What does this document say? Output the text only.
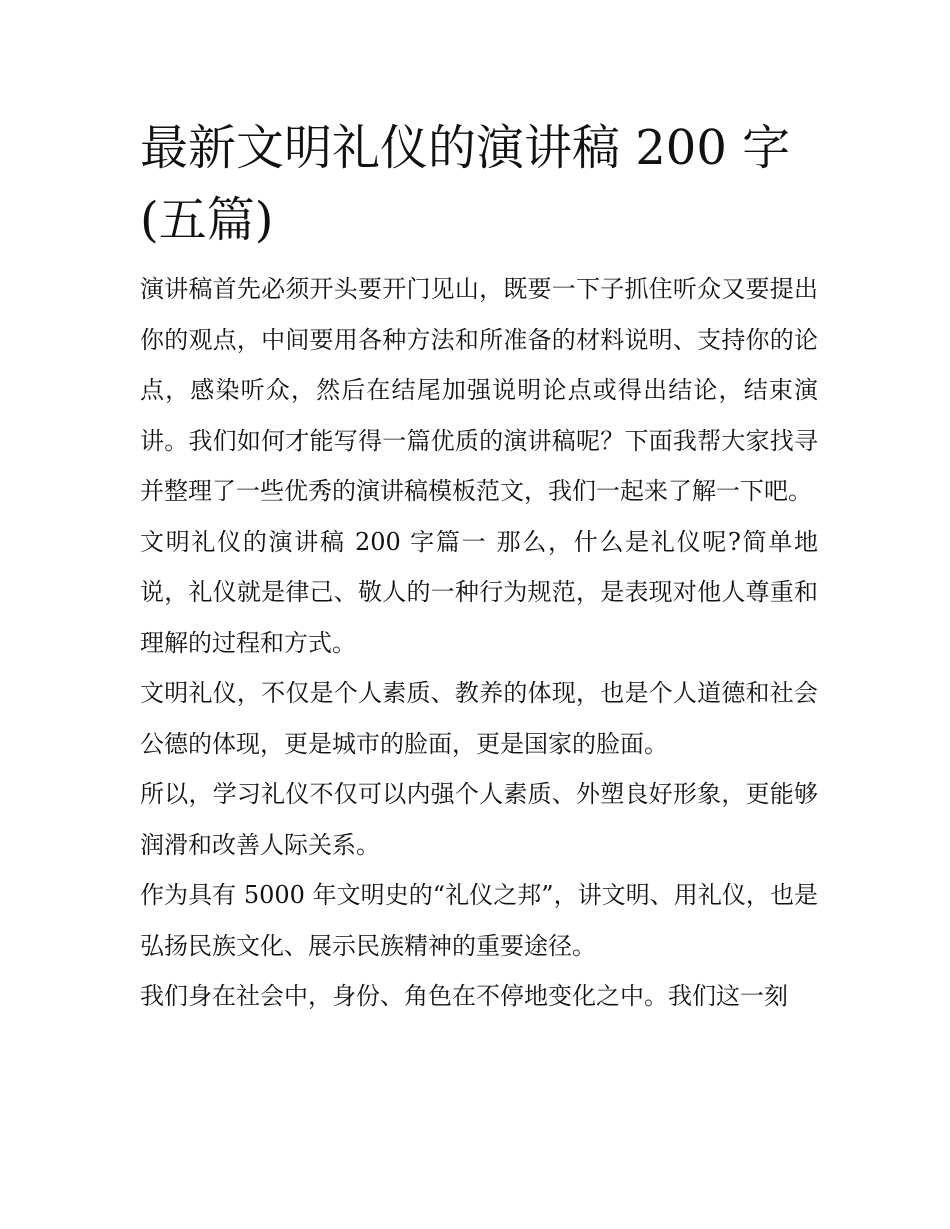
最新文明礼仪的演讲稿 200 字 (五篇)

演讲稿首先必须开头要开门见山，既要一下子抓住听众又要提出你的观点，中间要用各种方法和所准备的材料说明、支持你的论点，感染听众，然后在结尾加强说明论点或得出结论，结束演讲。我们如何才能写得一篇优质的演讲稿呢？下面我帮大家找寻并整理了一些优秀的演讲稿模板范文，我们一起来了解一下吧。

文明礼仪的演讲稿 200 字篇一 那么，什么是礼仪呢?简单地说，礼仪就是律己、敬人的一种行为规范，是表现对他人尊重和理解的过程和方式。

文明礼仪，不仅是个人素质、教养的体现，也是个人道德和社会公德的体现，更是城市的脸面，更是国家的脸面。

所以，学习礼仪不仅可以内强个人素质、外塑良好形象，更能够润滑和改善人际关系。

作为具有 5000 年文明史的“礼仪之邦”，讲文明、用礼仪，也是弘扬民族文化、展示民族精神的重要途径。

我们身在社会中，身份、角色在不停地变化之中。我们这一刻
